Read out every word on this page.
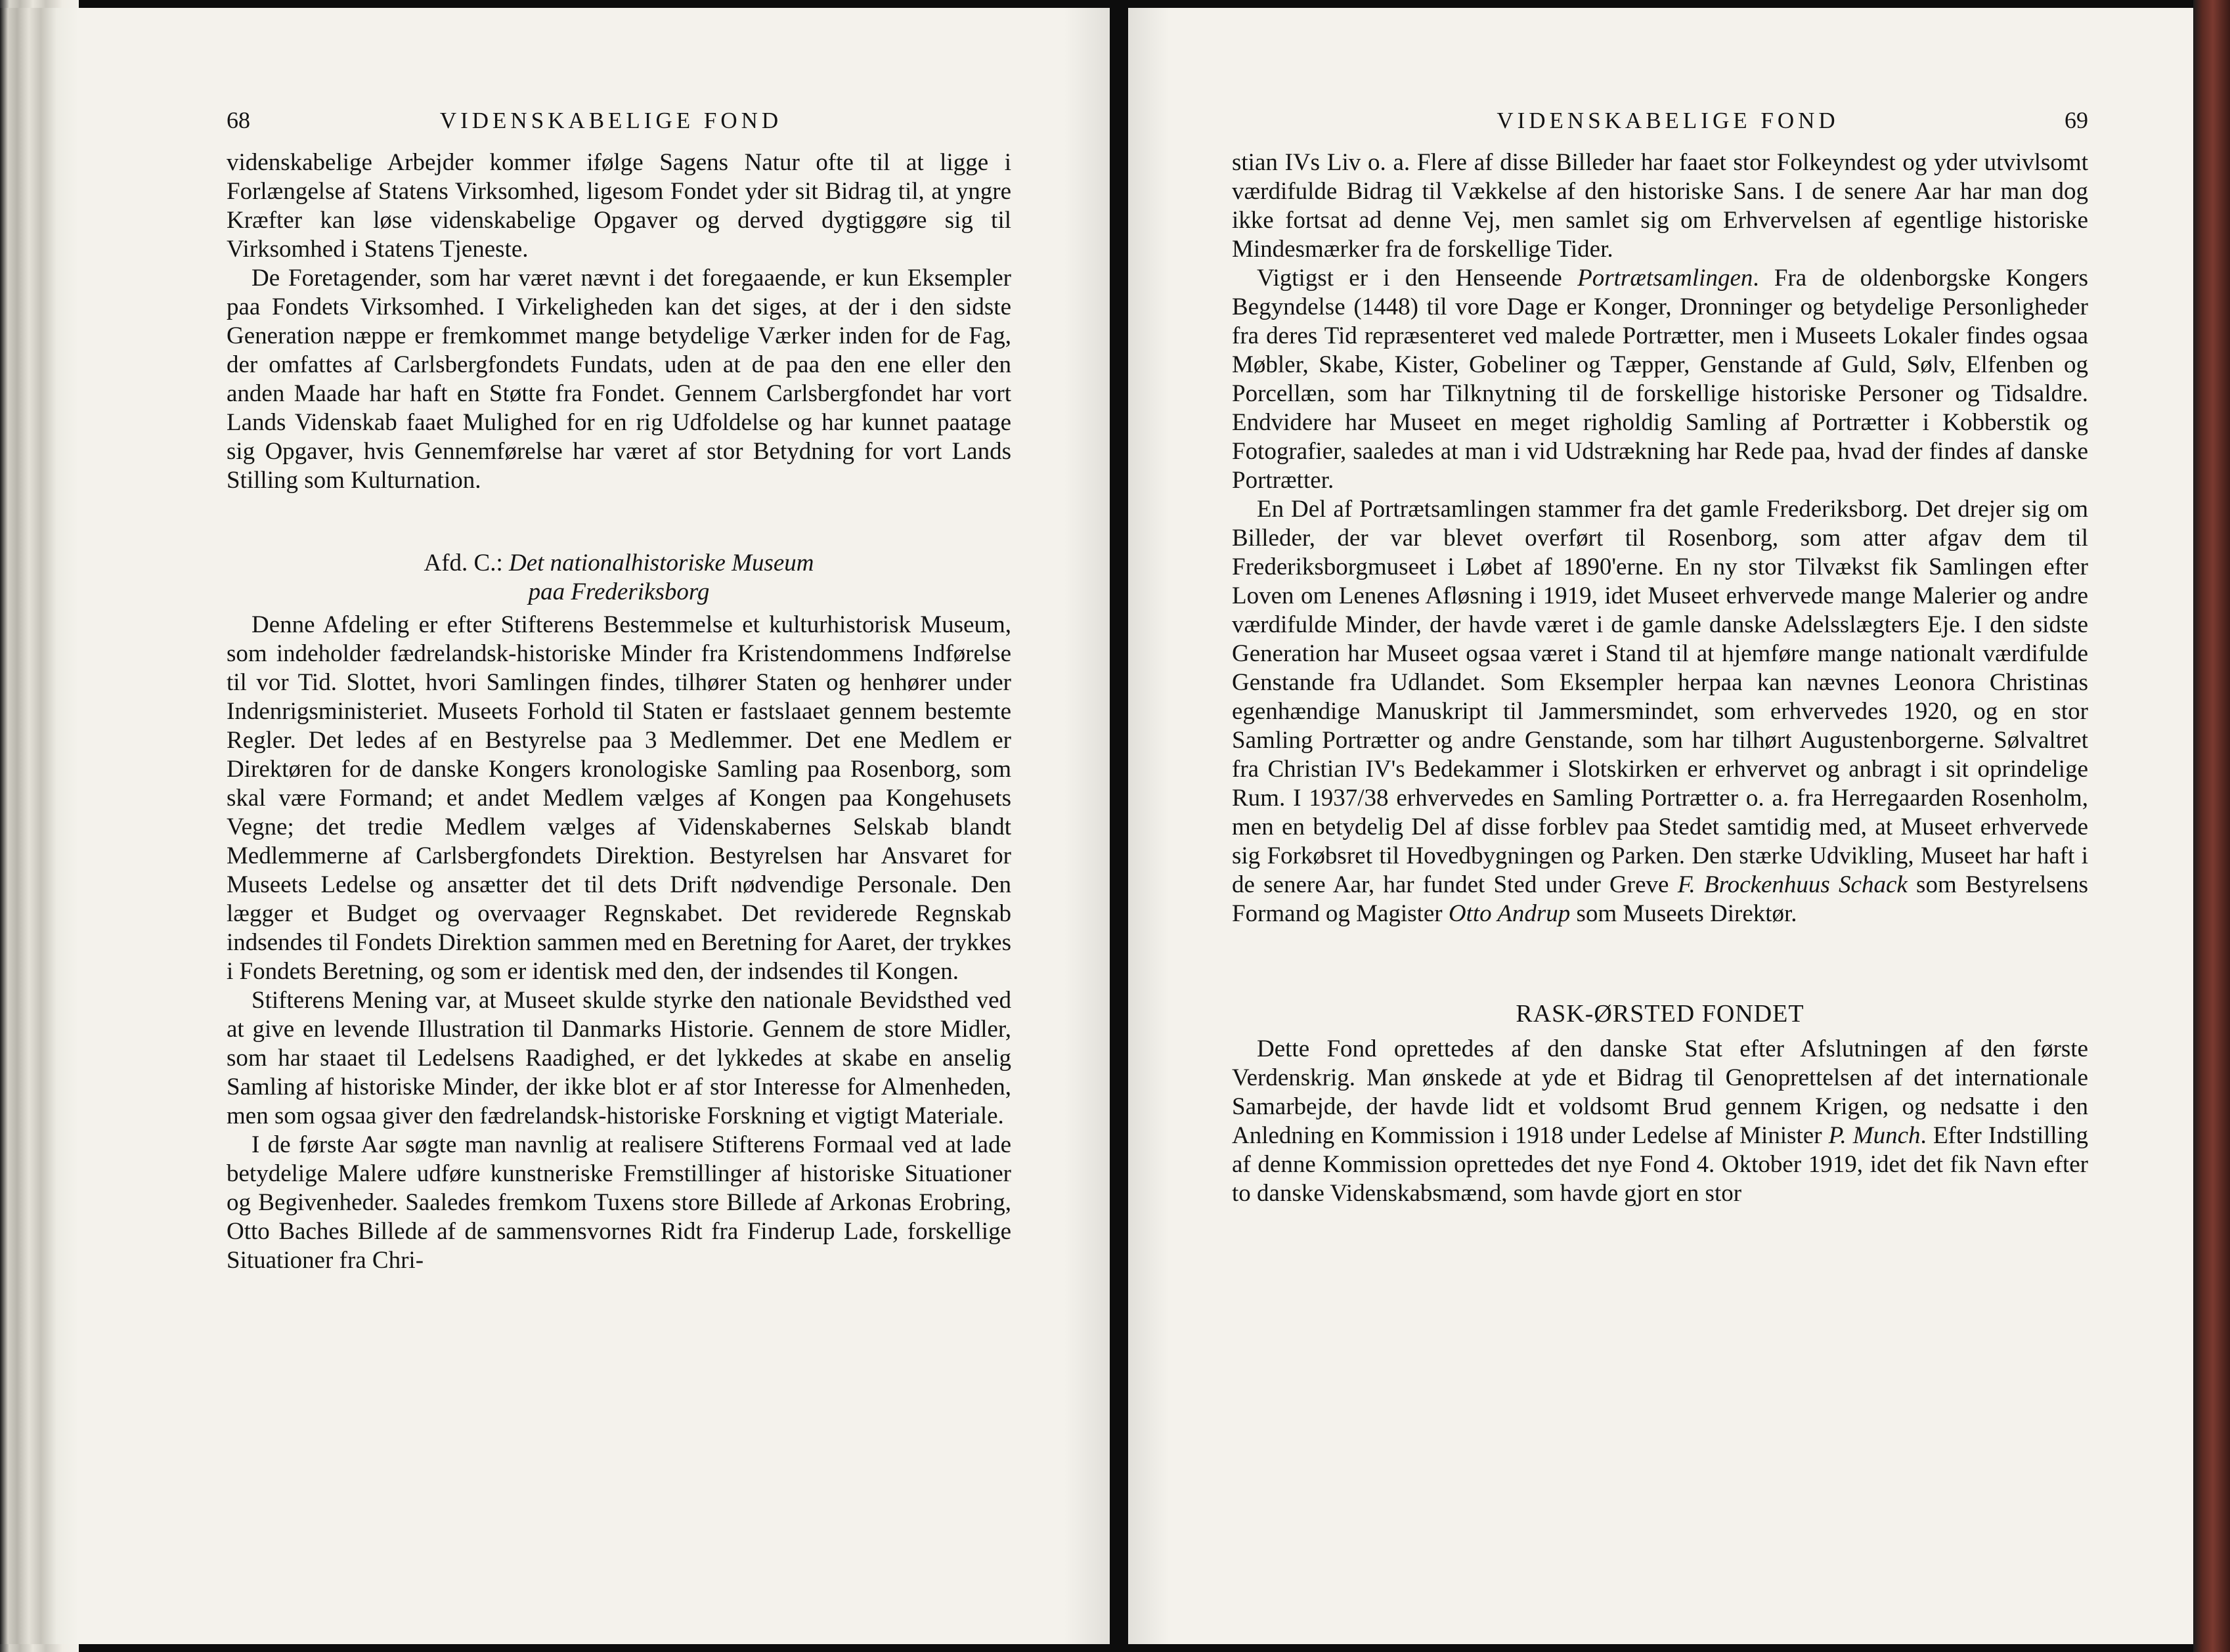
68	VIDENSKABELIGE FOND

videnskabelige Arbejder kommer ifølge Sagens Natur ofte til at ligge i Forlængelse af Statens Virksomhed, ligesom Fondet yder sit Bidrag til, at yngre Kræfter kan løse videnskabelige Opgaver og derved dygtiggøre sig til Virksomhed i Statens Tjeneste.

De Foretagender, som har været nævnt i det foregaaende, er kun Eksempler paa Fondets Virksomhed. I Virkeligheden kan det siges, at der i den sidste Generation næppe er fremkommet mange betydelige Værker inden for de Fag, der omfattes af Carlsbergfondets Fundats, uden at de paa den ene eller den anden Maade har haft en Støtte fra Fondet. Gennem Carlsbergfondet har vort Lands Videnskab faaet Mulighed for en rig Udfoldelse og har kunnet paatage sig Opgaver, hvis Gennemførelse har været af stor Betydning for vort Lands Stilling som Kulturnation.

Afd. C.: Det nationalhistoriske Museum
paa Frederiksborg

Denne Afdeling er efter Stifterens Bestemmelse et kulturhistorisk Museum, som indeholder fædrelandsk-historiske Minder fra Kristendommens Indførelse til vor Tid. Slottet, hvori Samlingen findes, tilhører Staten og henhører under Indenrigsministeriet. Museets Forhold til Staten er fastslaaet gennem bestemte Regler. Det ledes af en Bestyrelse paa 3 Medlemmer. Det ene Medlem er Direktøren for de danske Kongers kronologiske Samling paa Rosenborg, som skal være Formand; et andet Medlem vælges af Kongen paa Kongehusets Vegne; det tredie Medlem vælges af Videnskabernes Selskab blandt Medlemmerne af Carlsbergfondets Direktion. Bestyrelsen har Ansvaret for Museets Ledelse og ansætter det til dets Drift nødvendige Personale. Den lægger et Budget og overvaager Regnskabet. Det reviderede Regnskab indsendes til Fondets Direktion sammen med en Beretning for Aaret, der trykkes i Fondets Beretning, og som er identisk med den, der indsendes til Kongen.

Stifterens Mening var, at Museet skulde styrke den nationale Bevidsthed ved at give en levende Illustration til Danmarks Historie. Gennem de store Midler, som har staaet til Ledelsens Raadighed, er det lykkedes at skabe en anselig Samling af historiske Minder, der ikke blot er af stor Interesse for Almenheden, men som ogsaa giver den fædrelandsk-historiske Forskning et vigtigt Materiale.

I de første Aar søgte man navnlig at realisere Stifterens Formaal ved at lade betydelige Malere udføre kunstneriske Fremstillinger af historiske Situationer og Begivenheder. Saaledes fremkom Tuxens store Billede af Arkonas Erobring, Otto Baches Billede af de sammensvornes Ridt fra Finderup Lade, forskellige Situationer fra Chri-

VIDENSKABELIGE FOND	69

stian IVs Liv o. a. Flere af disse Billeder har faaet stor Folkeyndest og yder utvivlsomt værdifulde Bidrag til Vækkelse af den historiske Sans. I de senere Aar har man dog ikke fortsat ad denne Vej, men samlet sig om Erhvervelsen af egentlige historiske Mindesmærker fra de forskellige Tider.

Vigtigst er i den Henseende Portrætsamlingen. Fra de oldenborgske Kongers Begyndelse (1448) til vore Dage er Konger, Dronninger og betydelige Personligheder fra deres Tid repræsenteret ved malede Portrætter, men i Museets Lokaler findes ogsaa Møbler, Skabe, Kister, Gobeliner og Tæpper, Genstande af Guld, Sølv, Elfenben og Porcellæn, som har Tilknytning til de forskellige historiske Personer og Tidsaldre. Endvidere har Museet en meget righoldig Samling af Portrætter i Kobberstik og Fotografier, saaledes at man i vid Udstrækning har Rede paa, hvad der findes af danske Portrætter.

En Del af Portrætsamlingen stammer fra det gamle Frederiksborg. Det drejer sig om Billeder, der var blevet overført til Rosenborg, som atter afgav dem til Frederiksborgmuseet i Løbet af 1890'erne. En ny stor Tilvækst fik Samlingen efter Loven om Lenenes Afløsning i 1919, idet Museet erhvervede mange Malerier og andre værdifulde Minder, der havde været i de gamle danske Adelsslægters Eje. I den sidste Generation har Museet ogsaa været i Stand til at hjemføre mange nationalt værdifulde Genstande fra Udlandet. Som Eksempler herpaa kan nævnes Leonora Christinas egenhændige Manuskript til Jammersmindet, som erhvervedes 1920, og en stor Samling Portrætter og andre Genstande, som har tilhørt Augustenborgerne. Sølvaltret fra Christian IV's Bedekammer i Slotskirken er erhvervet og anbragt i sit oprindelige Rum. I 1937/38 erhvervedes en Samling Portrætter o. a. fra Herregaarden Rosenholm, men en betydelig Del af disse forblev paa Stedet samtidig med, at Museet erhvervede sig Forkøbsret til Hovedbygningen og Parken. Den stærke Udvikling, Museet har haft i de senere Aar, har fundet Sted under Greve F. Brockenhuus Schack som Bestyrelsens Formand og Magister Otto Andrup som Museets Direktør.

RASK-ØRSTED FONDET

Dette Fond oprettedes af den danske Stat efter Afslutningen af den første Verdenskrig. Man ønskede at yde et Bidrag til Genoprettelsen af det internationale Samarbejde, der havde lidt et voldsomt Brud gennem Krigen, og nedsatte i den Anledning en Kommission i 1918 under Ledelse af Minister P. Munch. Efter Indstilling af denne Kommission oprettedes det nye Fond 4. Oktober 1919, idet det fik Navn efter to danske Videnskabsmænd, som havde gjort en stor
